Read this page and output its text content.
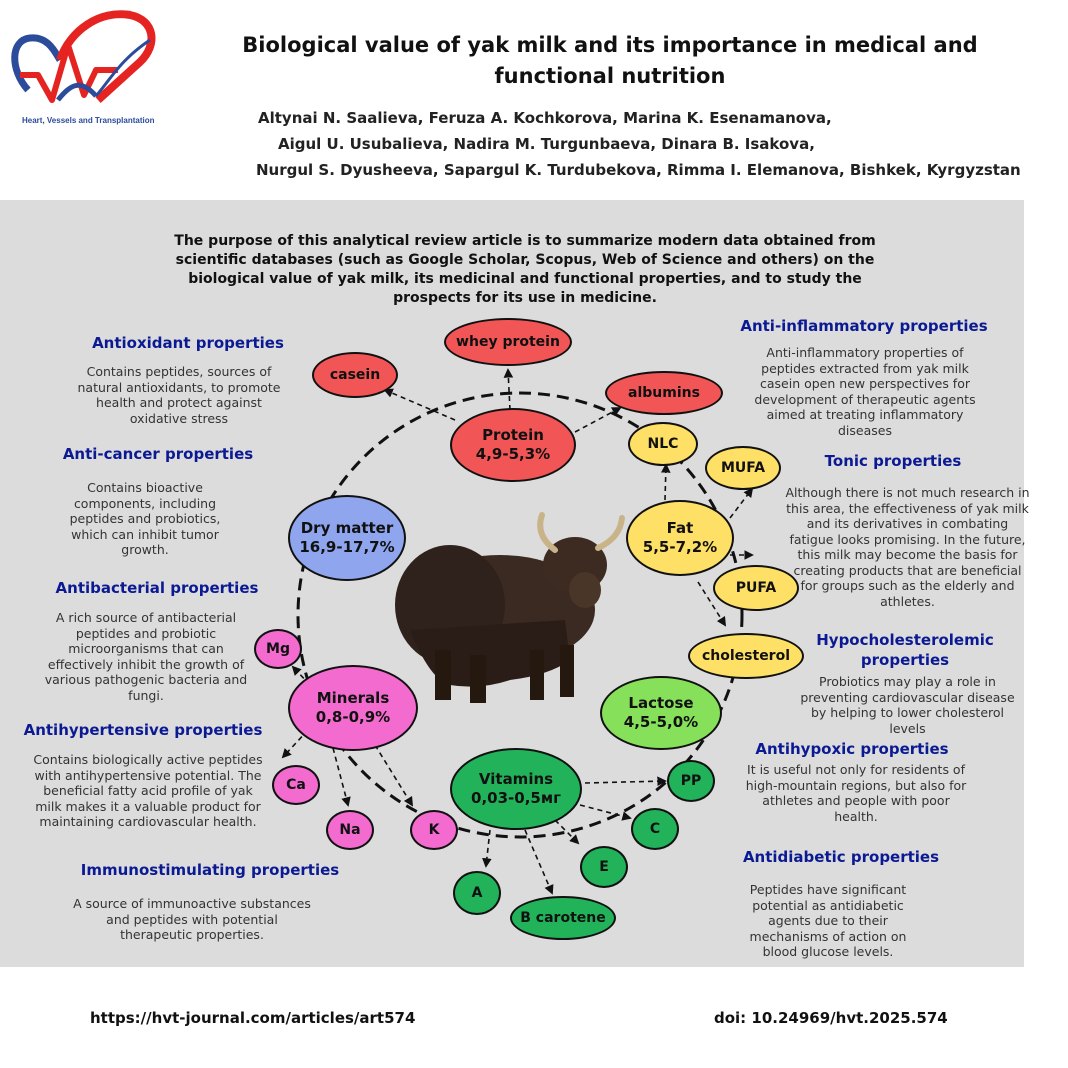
Heart, Vessels and Transplantation
Biological value of yak milk and its importance in medical and functional nutrition
Altynai N. Saalieva, Feruza A. Kochkorova, Marina K. Esenamanova,
Aigul U. Usubalieva, Nadira M. Turgunbaeva, Dinara B. Isakova,
Nurgul S. Dyusheeva, Sapargul K. Turdubekova, Rimma I. Elemanova, Bishkek, Kyrgyzstan
The purpose of this analytical review article is to summarize modern data obtained from scientific databases (such as Google Scholar, Scopus, Web of Science and others) on the biological value of yak milk, its medicinal and functional properties, and to study the prospects for its use in medicine.
Protein
4,9-5,3%
Fat
5,5-7,2%
Lactose
4,5-5,0%
Vitamins
0,03-0,5мг
Minerals
0,8-0,9%
Dry matter
16,9-17,7%
whey protein
casein
albumins
NLC
MUFA
PUFA
cholesterol
Mg
Ca
Na	K
PP
C
E
A
B carotene
Antioxidant properties
Contains peptides, sources of natural antioxidants, to promote health and protect against oxidative stress
Anti-cancer properties
Contains bioactive components, including peptides and probiotics, which can inhibit tumor growth.
Antibacterial properties
A rich source of antibacterial peptides and probiotic microorganisms that can effectively inhibit the growth of various pathogenic bacteria and fungi.
Antihypertensive properties
Contains biologically active peptides with antihypertensive potential. The beneficial fatty acid profile of yak milk makes it a valuable product for maintaining cardiovascular health.
Immunostimulating properties
A source of immunoactive substances and peptides with potential therapeutic properties.
Anti-inflammatory properties
Anti-inflammatory properties of peptides extracted from yak milk casein open new perspectives for development of therapeutic agents aimed at treating inflammatory diseases
Tonic properties
Although there is not much research in this area, the effectiveness of yak milk and its derivatives in combating fatigue looks promising. In the future, this milk may become the basis for creating products that are beneficial for groups such as the elderly and athletes.
Hypocholesterolemic properties
Probiotics may play a role in preventing cardiovascular disease by helping to lower cholesterol levels
Antihypoxic properties
It is useful not only for residents of high-mountain regions, but also for athletes and people with poor health.
Antidiabetic properties
Peptides have significant potential as antidiabetic agents due to their mechanisms of action on blood glucose levels.
https://hvt-journal.com/articles/art574	doi: 10.24969/hvt.2025.574
